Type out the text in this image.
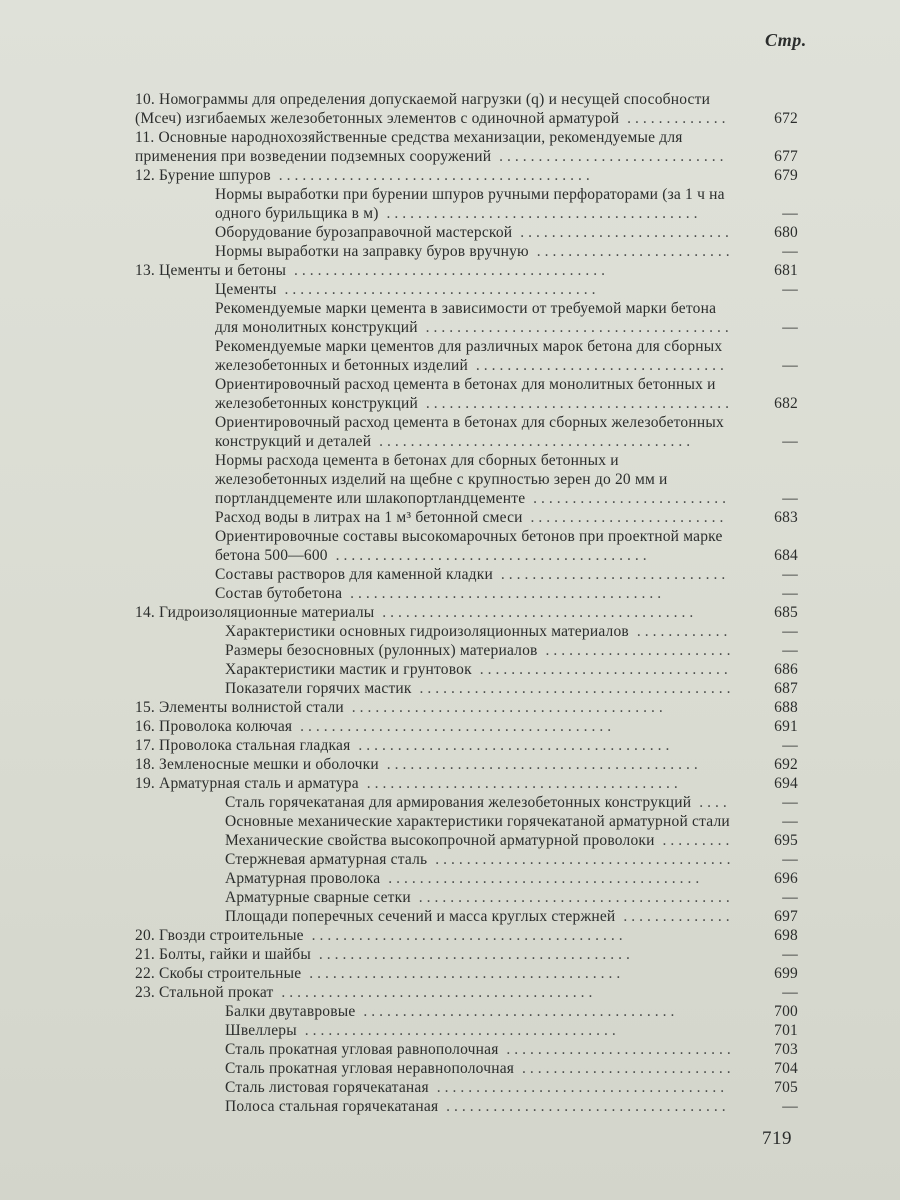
Стр.
10. Номограммы для определения допускаемой нагрузки (q) и несущей способности (Mсеч) изгибаемых железобетонных элементов с одиночной арматурой .............	672
11. Основные народнохозяйственные средства механизации, рекомендуемые для применения при возведении подземных сооружений .............................	677
12. Бурение шпуров ........................................	679
Нормы выработки при бурении шпуров ручными перфораторами (за 1 ч на одного бурильщика в м) ........................................	—
Оборудование бурозаправочной мастерской ...........................	680
Нормы выработки на заправку буров вручную .........................	—
13. Цементы и бетоны ........................................	681
Цементы ........................................	—
Рекомендуемые марки цемента в зависимости от требуемой марки бетона для монолитных конструкций .......................................	—
Рекомендуемые марки цементов для различных марок бетона для сборных железобетонных и бетонных изделий ................................	—
Ориентировочный расход цемента в бетонах для монолитных бетонных и железобетонных конструкций .......................................	682
Ориентировочный расход цемента в бетонах для сборных железобетонных конструкций и деталей ........................................	—
Нормы расхода цемента в бетонах для сборных бетонных и железобетонных изделий на щебне с крупностью зерен до 20 мм и портландцементе или шлакопортландцементе .........................	—
Расход воды в литрах на 1 м³ бетонной смеси .........................	683
Ориентировочные составы высокомарочных бетонов при проектной марке бетона 500—600 ........................................	684
Составы растворов для каменной кладки .............................	—
Состав бутобетона ........................................	—
14. Гидроизоляционные материалы ........................................	685
Характеристики основных гидроизоляционных материалов ............	—
Размеры безосновных (рулонных) материалов ........................	—
Характеристики мастик и грунтовок ................................	686
Показатели горячих мастик ........................................	687
15. Элементы волнистой стали ........................................	688
16. Проволока колючая ........................................	691
17. Проволока стальная гладкая ........................................	—
18. Земленосные мешки и оболочки ........................................	692
19. Арматурная сталь и арматура ........................................	694
Сталь горячекатаная для армирования железобетонных конструкций ....	—
Основные механические характеристики горячекатаной арматурной стали	—
Механические свойства высокопрочной арматурной проволоки .........	695
Стержневая арматурная сталь ......................................	—
Арматурная проволока ........................................	696
Арматурные сварные сетки ........................................	—
Площади поперечных сечений и масса круглых стержней ..............	697
20. Гвозди строительные ........................................	698
21. Болты, гайки и шайбы ........................................	—
22. Скобы строительные ........................................	699
23. Стальной прокат ........................................	—
Балки двутавровые ........................................	700
Швеллеры ........................................	701
Сталь прокатная угловая равнополочная .............................	703
Сталь прокатная угловая неравнополочная ...........................	704
Сталь листовая горячекатаная .....................................	705
Полоса стальная горячекатаная ....................................	—
719
